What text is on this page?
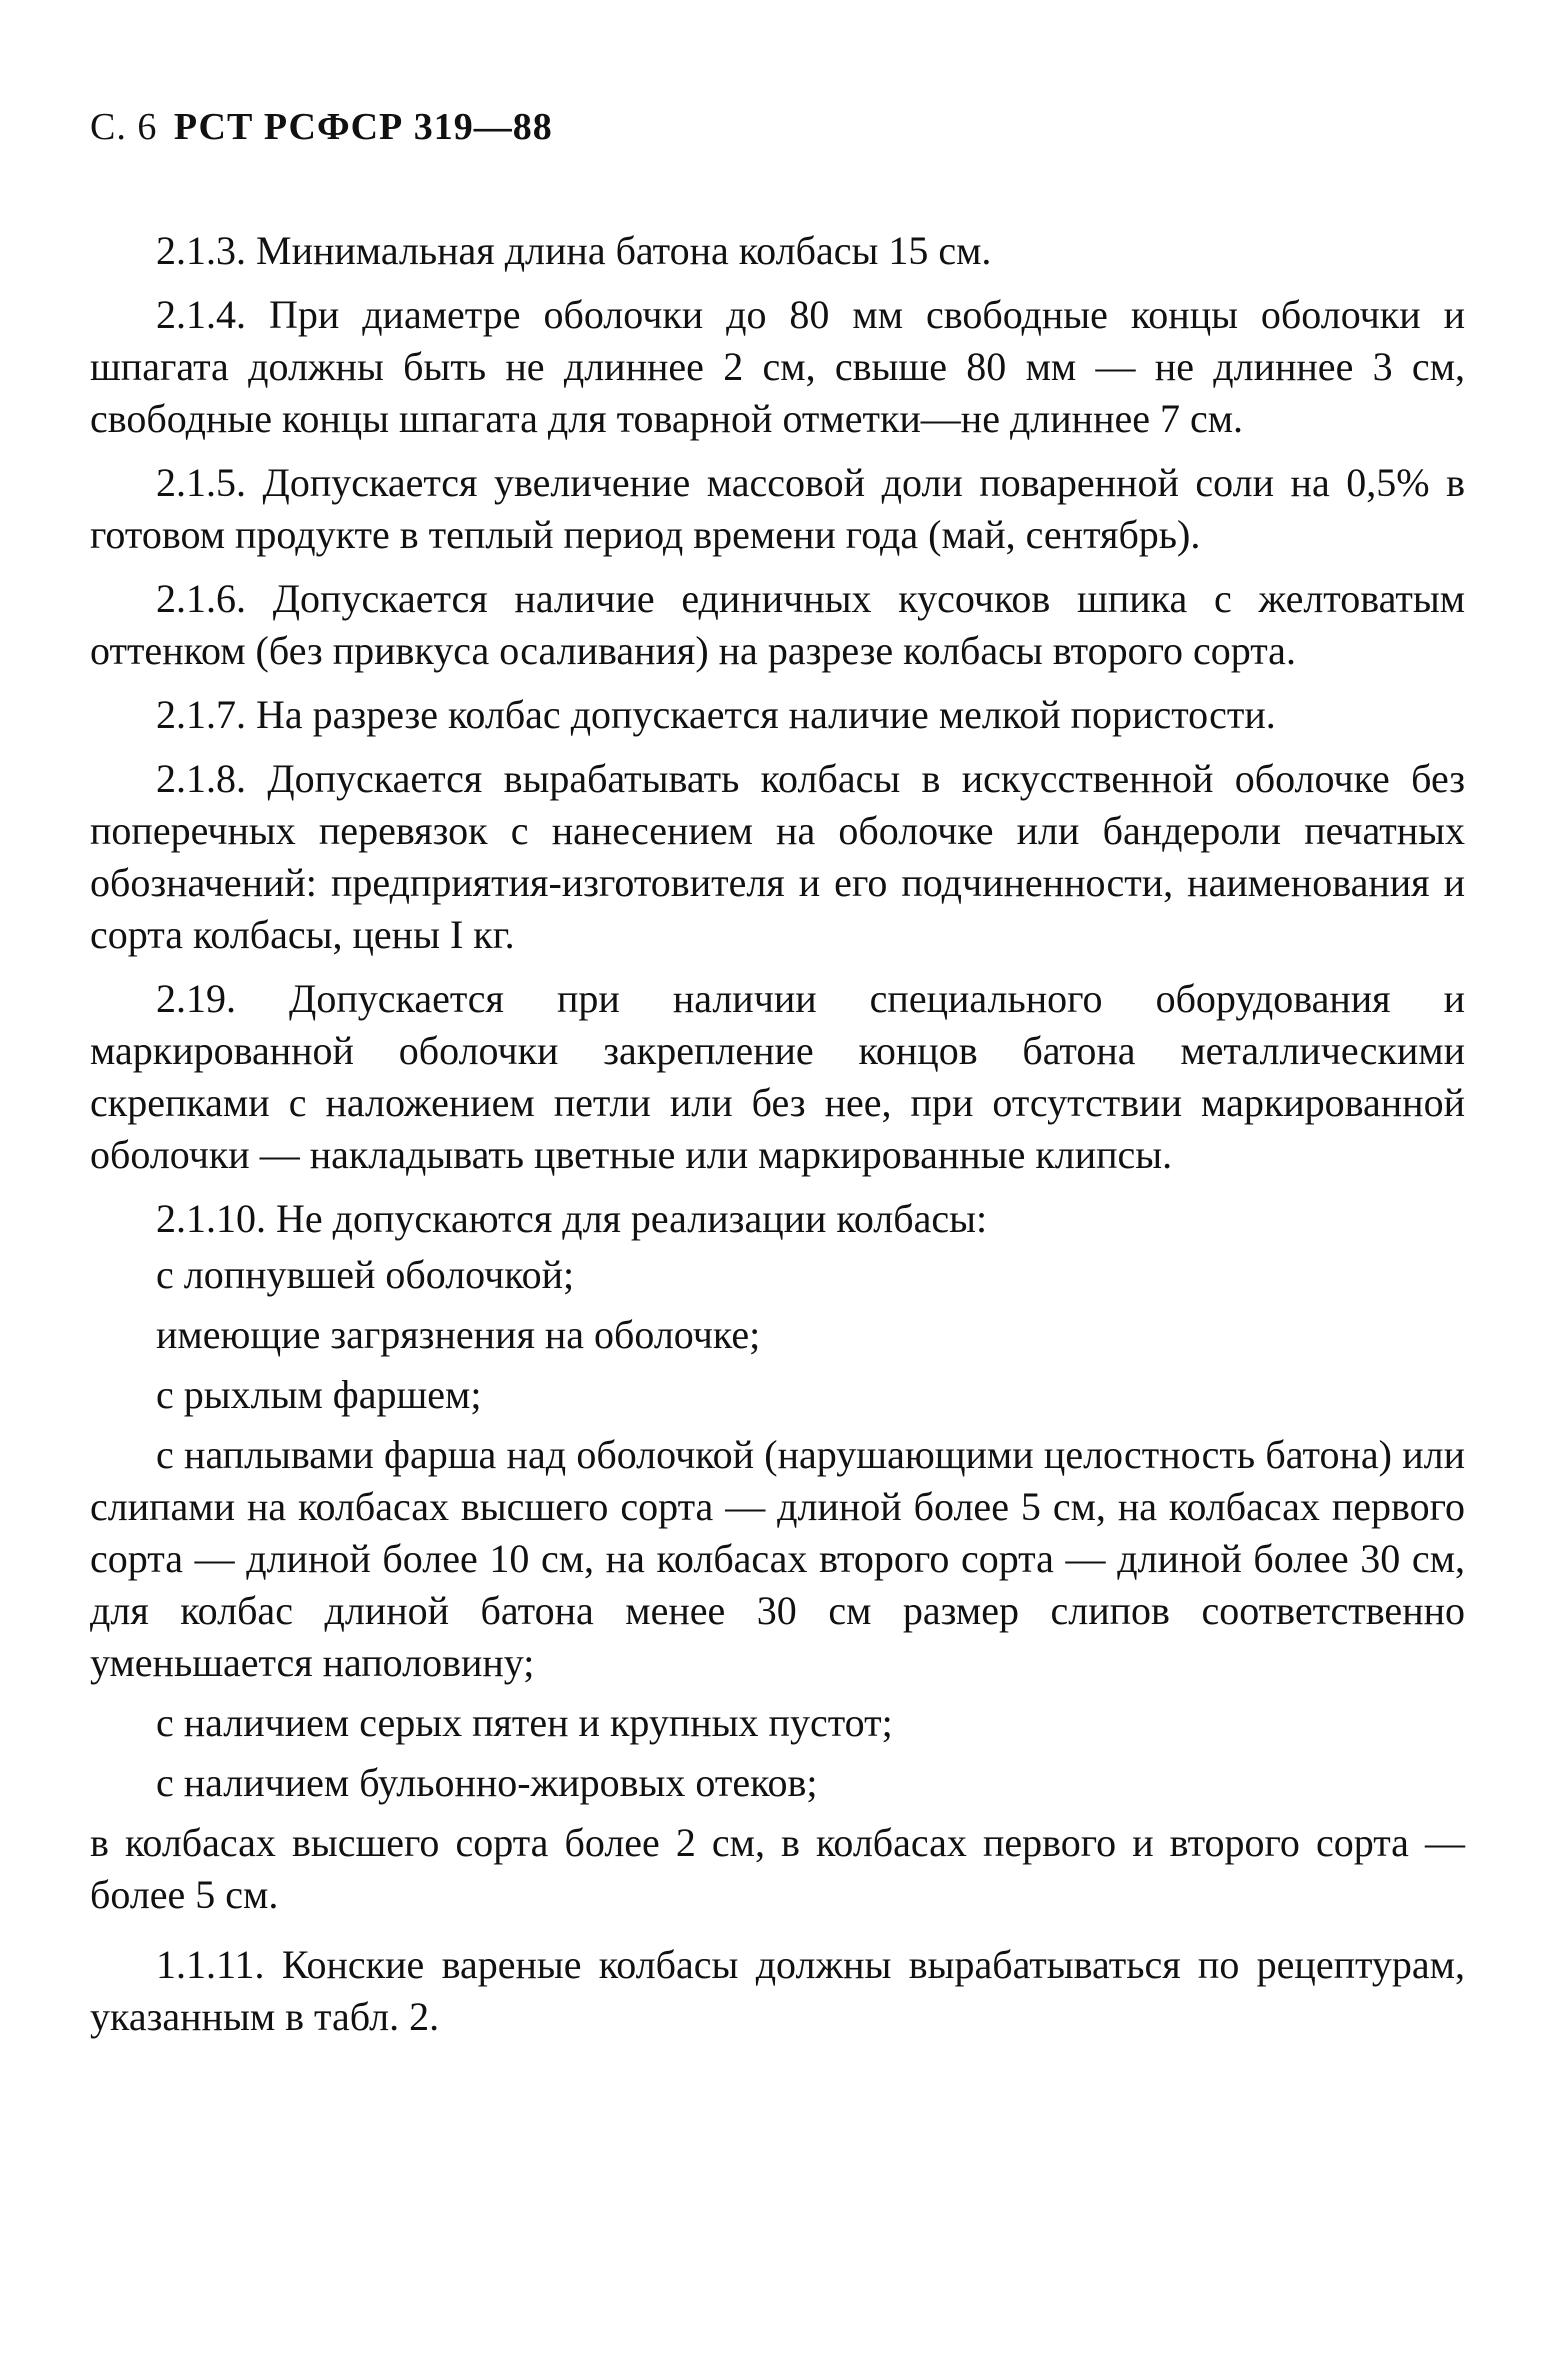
С. 6 РСТ РСФСР 319—88

2.1.3. Минимальная длина батона колбасы 15 см.

2.1.4. При диаметре оболочки до 80 мм свободные концы оболочки и шпагата должны быть не длиннее 2 см, свыше 80 мм — не длиннее 3 см, свободные концы шпагата для товарной отметки—не длиннее 7 см.

2.1.5. Допускается увеличение массовой доли поваренной соли на 0,5% в готовом продукте в теплый период времени года (май, сентябрь).

2.1.6. Допускается наличие единичных кусочков шпика с желтоватым оттенком (без привкуса осаливания) на разрезе колбасы второго сорта.

2.1.7. На разрезе колбас допускается наличие мелкой пористости.

2.1.8. Допускается вырабатывать колбасы в искусственной оболочке без поперечных перевязок с нанесением на оболочке или бандероли печатных обозначений: предприятия-изготовителя и его подчиненности, наименования и сорта колбасы, цены I кг.

2.19. Допускается при наличии специального оборудования и маркированной оболочки закрепление концов батона металлическими скрепками с наложением петли или без нее, при отсутствии маркированной оболочки — накладывать цветные или маркированные клипсы.

2.1.10. Не допускаются для реализации колбасы:

с лопнувшей оболочкой;

имеющие загрязнения на оболочке;

с рыхлым фаршем;

с наплывами фарша над оболочкой (нарушающими целостность батона) или слипами на колбасах высшего сорта — длиной более 5 см, на колбасах первого сорта — длиной более 10 см, на колбасах второго сорта — длиной более 30 см, для колбас длиной батона менее 30 см размер слипов соответственно уменьшается наполовину;

с наличием серых пятен и крупных пустот;

с наличием бульонно-жировых отеков;

в колбасах высшего сорта более 2 см, в колбасах первого и второго сорта — более 5 см.

1.1.11. Конские вареные колбасы должны вырабатываться по рецептурам, указанным в табл. 2.
